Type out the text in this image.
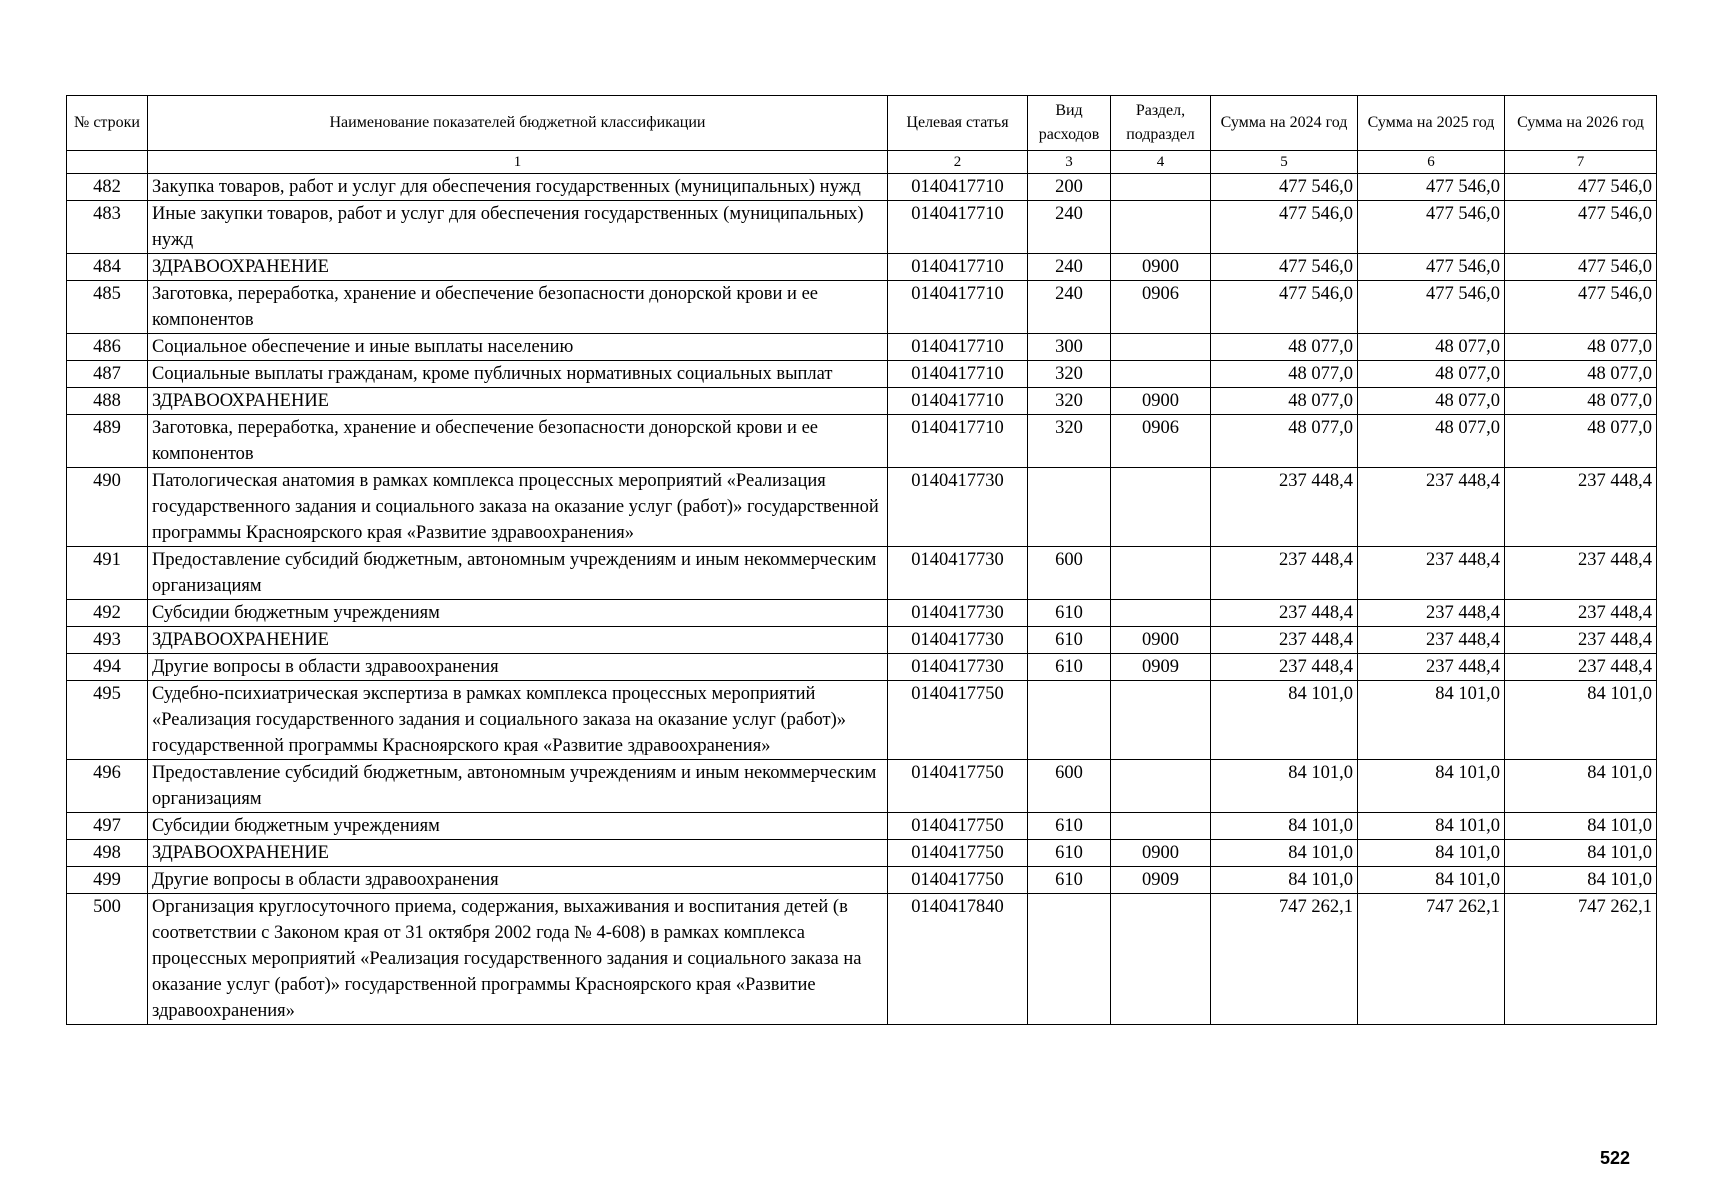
№ строки	Наименование показателей бюджетной классификации	Целевая статья	Вид расходов	Раздел, подраздел	Сумма на 2024 год	Сумма на 2025 год	Сумма на 2026 год
	1	2	3	4	5	6	7
482	Закупка товаров, работ и услуг для обеспечения государственных (муниципальных) нужд	0140417710	200		477 546,0	477 546,0	477 546,0
483	Иные закупки товаров, работ и услуг для обеспечения государственных (муниципальных) нужд	0140417710	240		477 546,0	477 546,0	477 546,0
484	ЗДРАВООХРАНЕНИЕ	0140417710	240	0900	477 546,0	477 546,0	477 546,0
485	Заготовка, переработка, хранение и обеспечение безопасности донорской крови и ее компонентов	0140417710	240	0906	477 546,0	477 546,0	477 546,0
486	Социальное обеспечение и иные выплаты населению	0140417710	300		48 077,0	48 077,0	48 077,0
487	Социальные выплаты гражданам, кроме публичных нормативных социальных выплат	0140417710	320		48 077,0	48 077,0	48 077,0
488	ЗДРАВООХРАНЕНИЕ	0140417710	320	0900	48 077,0	48 077,0	48 077,0
489	Заготовка, переработка, хранение и обеспечение безопасности донорской крови и ее компонентов	0140417710	320	0906	48 077,0	48 077,0	48 077,0
490	Патологическая анатомия в рамках комплекса процессных мероприятий «Реализация государственного задания и социального заказа на оказание услуг (работ)» государственной программы Красноярского края «Развитие здравоохранения»	0140417730			237 448,4	237 448,4	237 448,4
491	Предоставление субсидий бюджетным, автономным учреждениям и иным некоммерческим организациям	0140417730	600		237 448,4	237 448,4	237 448,4
492	Субсидии бюджетным учреждениям	0140417730	610		237 448,4	237 448,4	237 448,4
493	ЗДРАВООХРАНЕНИЕ	0140417730	610	0900	237 448,4	237 448,4	237 448,4
494	Другие вопросы в области здравоохранения	0140417730	610	0909	237 448,4	237 448,4	237 448,4
495	Судебно-психиатрическая экспертиза в рамках комплекса процессных мероприятий «Реализация государственного задания и социального заказа на оказание услуг (работ)» государственной программы Красноярского края «Развитие здравоохранения»	0140417750			84 101,0	84 101,0	84 101,0
496	Предоставление субсидий бюджетным, автономным учреждениям и иным некоммерческим организациям	0140417750	600		84 101,0	84 101,0	84 101,0
497	Субсидии бюджетным учреждениям	0140417750	610		84 101,0	84 101,0	84 101,0
498	ЗДРАВООХРАНЕНИЕ	0140417750	610	0900	84 101,0	84 101,0	84 101,0
499	Другие вопросы в области здравоохранения	0140417750	610	0909	84 101,0	84 101,0	84 101,0
500	Организация круглосуточного приема, содержания, выхаживания и воспитания детей (в соответствии с Законом края от 31 октября 2002 года № 4-608) в рамках комплекса процессных мероприятий «Реализация государственного задания и социального заказа на оказание услуг (работ)» государственной программы Красноярского края «Развитие здравоохранения»	0140417840			747 262,1	747 262,1	747 262,1
522
